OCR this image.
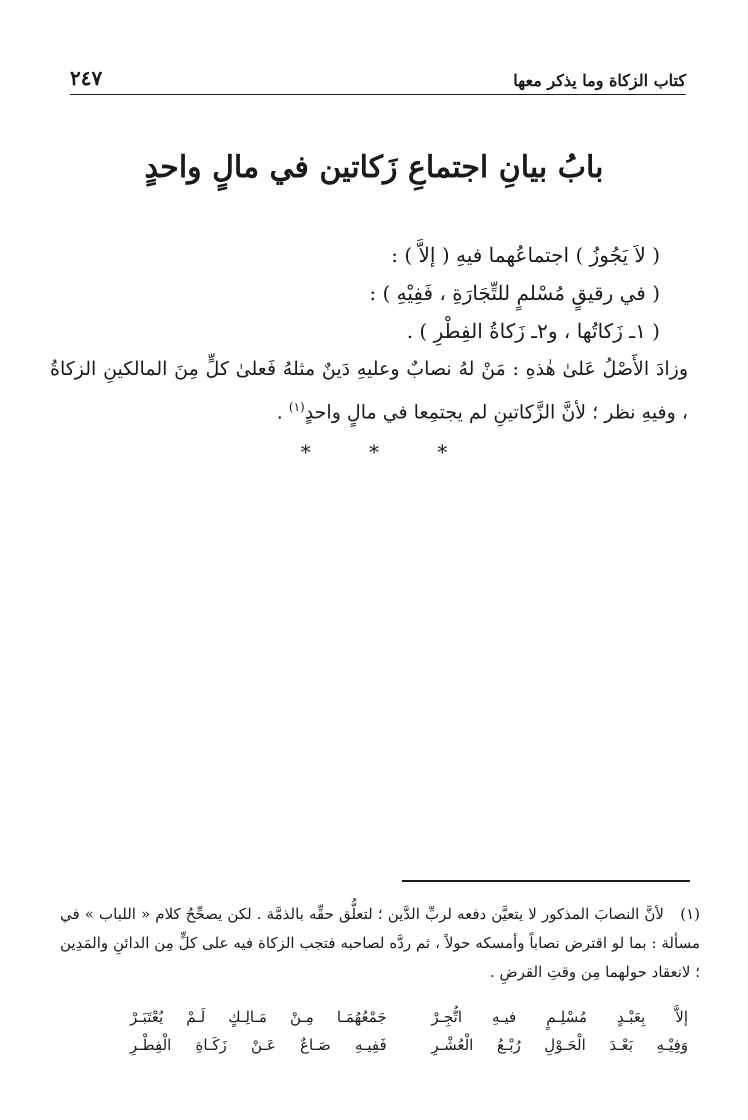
كتاب الزكاة وما يذكر معها
٢٤٧
بابُ بيانِ اجتماعِ زَكاتين في مالٍ واحدٍ

( لاَ يَجُوزُ ) اجتماعُهما فيهِ ( إلاَّ ) :

( في رقيقٍ مُسْلمٍ للتِّجَارَةِ ، فَفِيْهِ ) :

( ١ـ زَكاتُها ، و٢ـ زَكاةُ الفِطْرِ ) .

وزادَ الأَصْلُ عَلىٰ هٰذهِ : مَنْ لهُ نصابٌ وعليهِ دَينٌ مثلهُ فَعلىٰ كلٍّ مِنَ المالكينِ الزكاةُ ، وفيهِ نظر ؛ لأنَّ الزَّكاتينِ لم يجتمِعا في مالٍ واحدٍ$^{(١)}$ .
* * *
(١)لأنَّ النصابَ المذكور لا يتعيَّن دفعه لربِّ الدَّين ؛ لتعلُّق حقِّه بالذمَّة . لكن يصحِّحُ كلام « اللباب » في مسألة : بما لو اقترض نصاباً وأمسكه حولاً ، ثم ردَّه لصاحبه فتجب الزكاة فيه على كلٍّ مِن الدائنِ والمَدِين ؛ لانعقاد حولهما مِن وقتِ القرضِ .
إلاَّ بِعَبْـدٍ مُسْلِـمٍ فيـهِ اتُّجِـرْ
جَمْعُهُمَـا مِـنْ مَـالِـكٍ لَـمْ يُعْتَبَـرْ
وَفِيْـهِ بَعْـدَ الْحَـوْلِ رُبْـعُ الْعُشْـرِ
فَفِيـهِ صَـاعٌ عَـنْ زَكَـاةِ الْفِطْـرِ
